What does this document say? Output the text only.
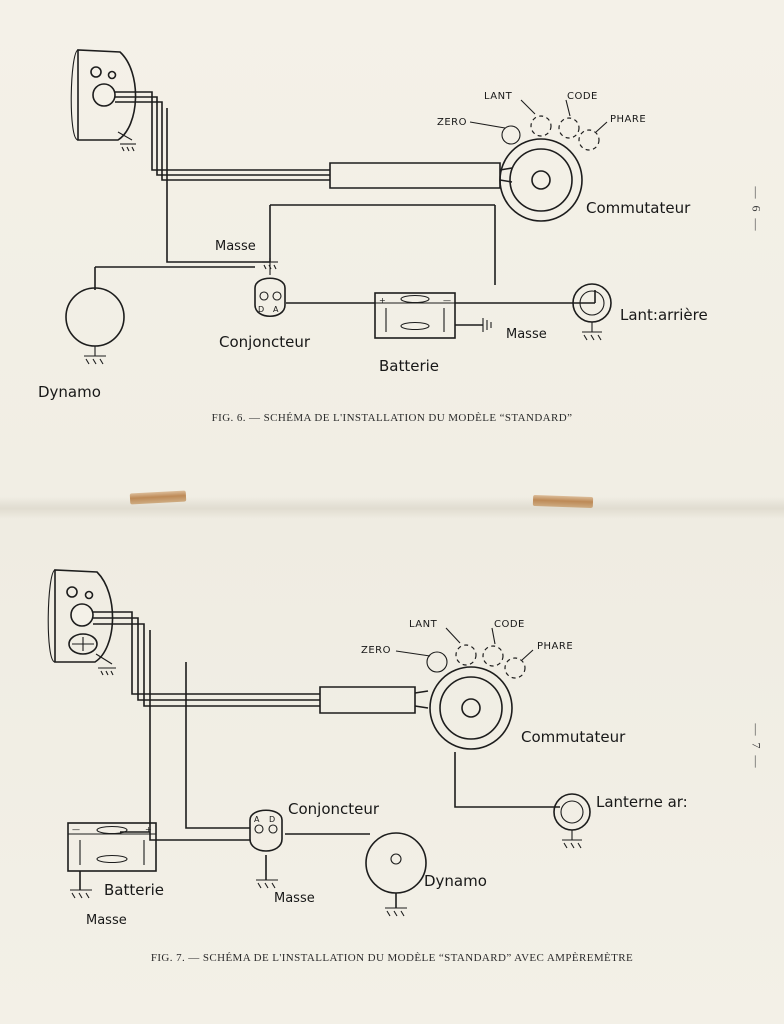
ZERO
LANT	CODE
PHARE
Commutateur
Dynamo
D A
Masse
Conjoncteur
+	—
Masse
Batterie
Lant:arrière
FIG. 6. — SCHÉMA DE L'INSTALLATION DU MODÈLE “STANDARD”
— 6 —
ZERO
LANT	CODE
PHARE
Commutateur
—	+
Batterie
Masse
A D
Conjoncteur
Masse
Dynamo
Lanterne ar:
FIG. 7. — SCHÉMA DE L'INSTALLATION DU MODÈLE “STANDARD” AVEC AMPÈREMÈTRE
— 7 —
